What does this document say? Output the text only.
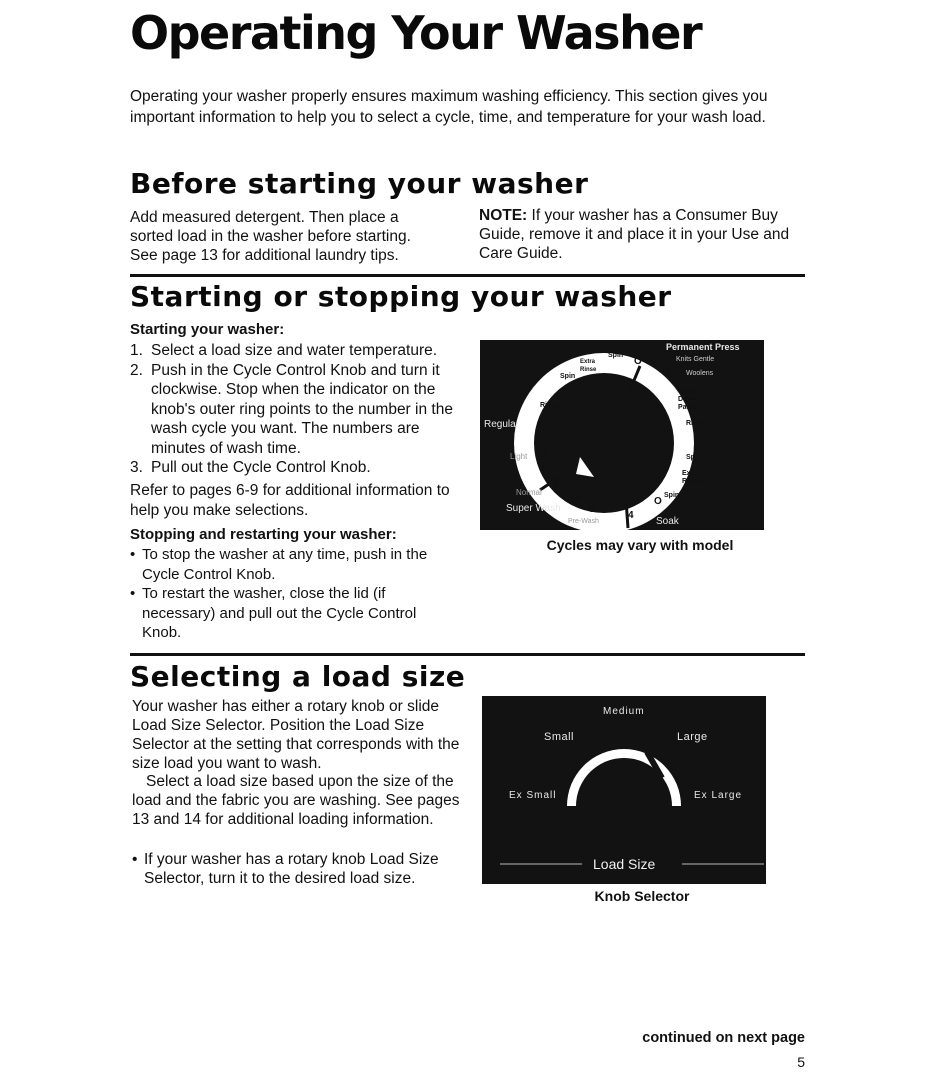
Operating Your Washer
Operating your washer properly ensures maximum washing efficiency. This section gives you important information to help you to select a cycle, time, and temperature for your wash load.
Before starting your washer
Add measured detergent. Then place a sorted load in the washer before starting. See page 13 for additional laundry tips.
NOTE: If your washer has a Consumer Buy Guide, remove it and place it in your Use and Care Guide.
Starting or stopping your washer
Starting your washer:
1. Select a load size and water temperature.
2. Push in the Cycle Control Knob and turn it clockwise. Stop when the indicator on the knob's outer ring points to the number in the wash cycle you want. The numbers are minutes of wash time.
3. Pull out the Cycle Control Knob.
Refer to pages 6-9 for additional information to help you make selections.
Stopping and restarting your washer:
• To stop the washer at any time, push in the Cycle Control Knob.
• To restart the washer, close the lid (if necessary) and pull out the Cycle Control Knob.
Permanent Press
Knits Gentle
Woolens
Regular
Light
Normal
Super Wash
Pre-Wash	Soak
Spin
Extra Rinse
Spin
Rinse
Cool Down Pause
Rinse
Spin
Extra Rinse
Spin
O 12
8 6 4
6
10
14
18
O
4
O
Cycles may vary with model
Selecting a load size
Your washer has either a rotary knob or slide Load Size Selector. Position the Load Size Selector at the setting that corresponds with the size load you want to wash.
Select a load size based upon the size of the load and the fabric you are washing. See pages 13 and 14 for additional loading information.
• If your washer has a rotary knob Load Size Selector, turn it to the desired load size.
Medium
Small	Large
Ex Small	Ex Large
Load Size
Knob Selector
continued on next page
5
